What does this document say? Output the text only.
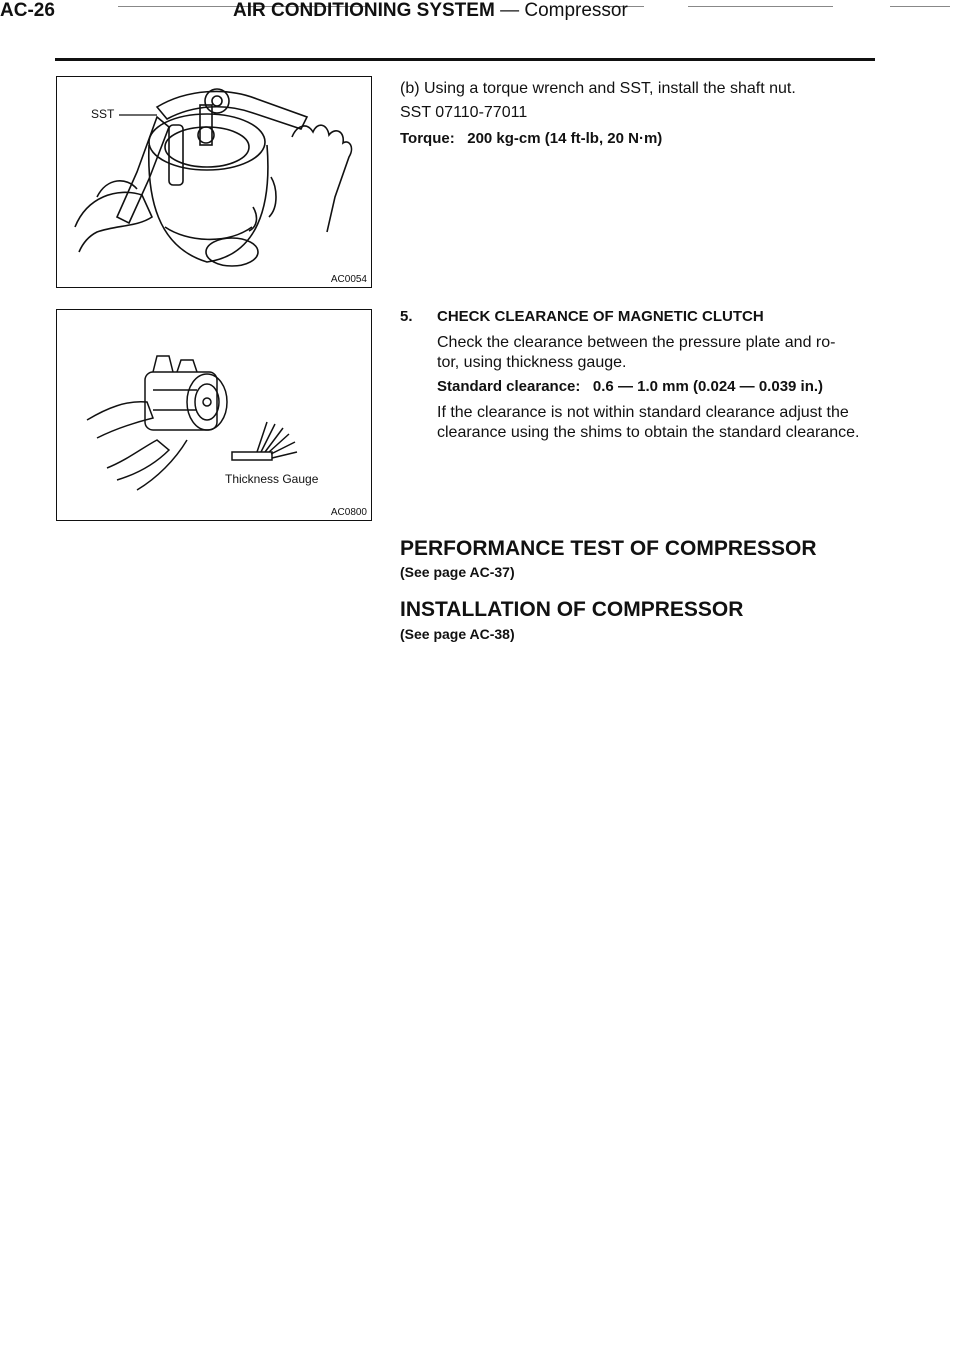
AC-26	AIR CONDITIONING SYSTEM — Compressor
SST
AC0054
Thickness Gauge
AC0800
(b) Using a torque wrench and SST, install the shaft nut.
SST 07110-77011
Torque: 200 kg-cm (14 ft-lb, 20 N·m)
5. CHECK CLEARANCE OF MAGNETIC CLUTCH
Check the clearance between the pressure plate and ro-
tor, using thickness gauge.
Standard clearance: 0.6 — 1.0 mm (0.024 — 0.039 in.)
If the clearance is not within standard clearance adjust the
clearance using the shims to obtain the standard clearance.
PERFORMANCE TEST OF COMPRESSOR
(See page AC-37)
INSTALLATION OF COMPRESSOR
(See page AC-38)
